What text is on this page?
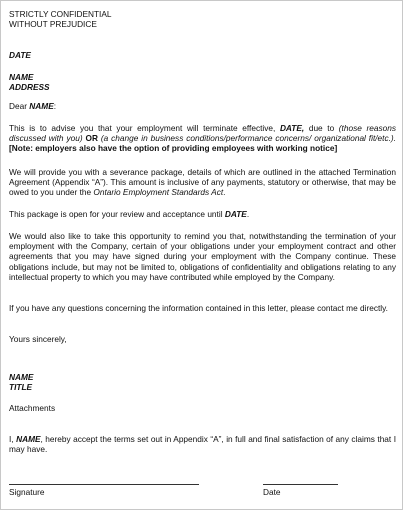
STRICTLY CONFIDENTIAL
WITHOUT PREJUDICE
DATE
NAME
ADDRESS
Dear NAME:
This is to advise you that your employment will terminate effective, DATE, due to (those reasons discussed with you) OR (a change in business conditions/performance concerns/ organizational fit/etc.). [Note: employers also have the option of providing employees with working notice]
We will provide you with a severance package, details of which are outlined in the attached Termination Agreement (Appendix “A”). This amount is inclusive of any payments, statutory or otherwise, that may be owed to you under the Ontario Employment Standards Act.
This package is open for your review and acceptance until DATE.
We would also like to take this opportunity to remind you that, notwithstanding the termination of your employment with the Company, certain of your obligations under your employment contract and other agreements that you may have signed during your employment with the Company continue. These obligations include, but may not be limited to, obligations of confidentiality and obligations relating to any intellectual property to which you may have contributed while employed by the Company.
If you have any questions concerning the information contained in this letter, please contact me directly.
Yours sincerely,
NAME
TITLE
Attachments
I, NAME, hereby accept the terms set out in Appendix “A”, in full and final satisfaction of any claims that I may have.
Signature	Date
